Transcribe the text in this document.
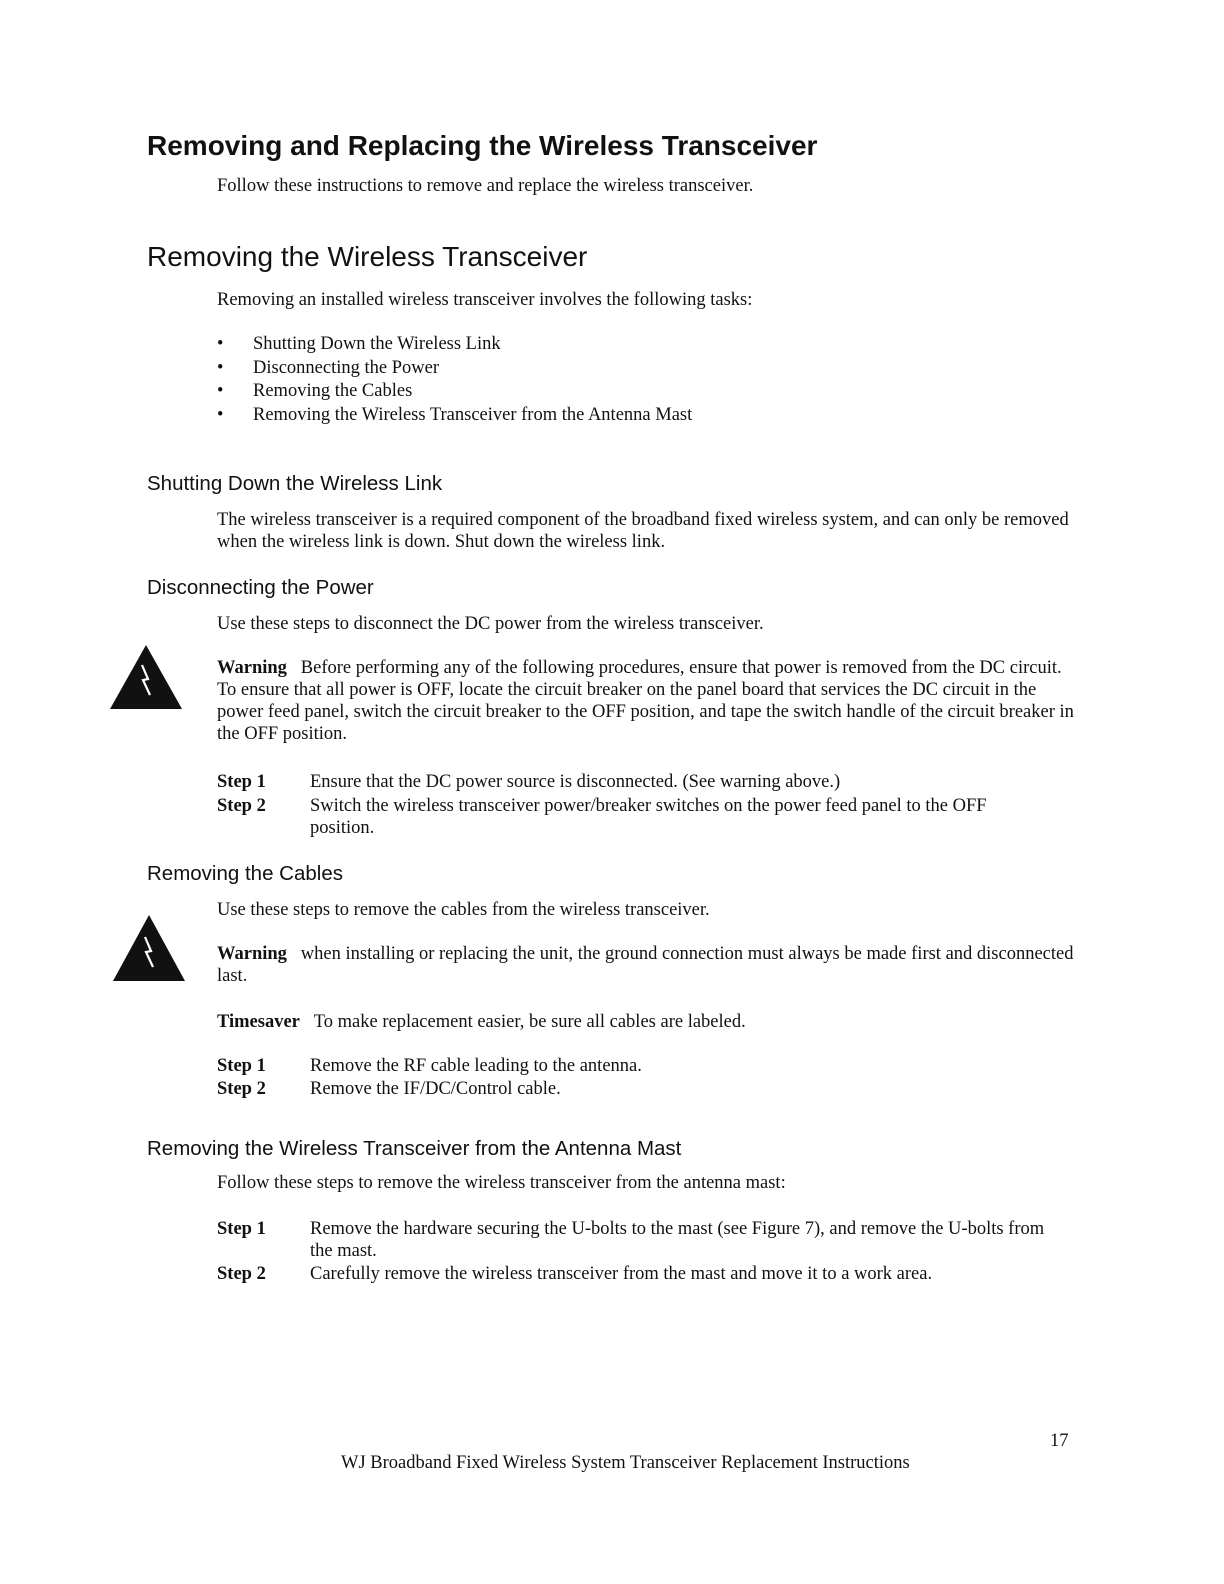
Removing and Replacing the Wireless Transceiver
Follow these instructions to remove and replace the wireless transceiver.
Removing the Wireless Transceiver
Removing an installed wireless transceiver involves the following tasks:
• Shutting Down the Wireless Link
• Disconnecting the Power
• Removing the Cables
• Removing the Wireless Transceiver from the Antenna Mast
Shutting Down the Wireless Link
The wireless transceiver is a required component of the broadband fixed wireless system, and can only be removed when the wireless link is down. Shut down the wireless link.
Disconnecting the Power
Use these steps to disconnect the DC power from the wireless transceiver.
Warning Before performing any of the following procedures, ensure that power is removed from the DC circuit. To ensure that all power is OFF, locate the circuit breaker on the panel board that services the DC circuit in the power feed panel, switch the circuit breaker to the OFF position, and tape the switch handle of the circuit breaker in the OFF position.
Step 1 Ensure that the DC power source is disconnected. (See warning above.)
Step 2 Switch the wireless transceiver power/breaker switches on the power feed panel to the OFF position.
Removing the Cables
Use these steps to remove the cables from the wireless transceiver.
Warning when installing or replacing the unit, the ground connection must always be made first and disconnected last.
Timesaver To make replacement easier, be sure all cables are labeled.
Step 1 Remove the RF cable leading to the antenna.
Step 2 Remove the IF/DC/Control cable.
Removing the Wireless Transceiver from the Antenna Mast
Follow these steps to remove the wireless transceiver from the antenna mast:
Step 1 Remove the hardware securing the U-bolts to the mast (see Figure 7), and remove the U-bolts from the mast.
Step 2 Carefully remove the wireless transceiver from the mast and move it to a work area.
17
WJ Broadband Fixed Wireless System Transceiver Replacement Instructions
